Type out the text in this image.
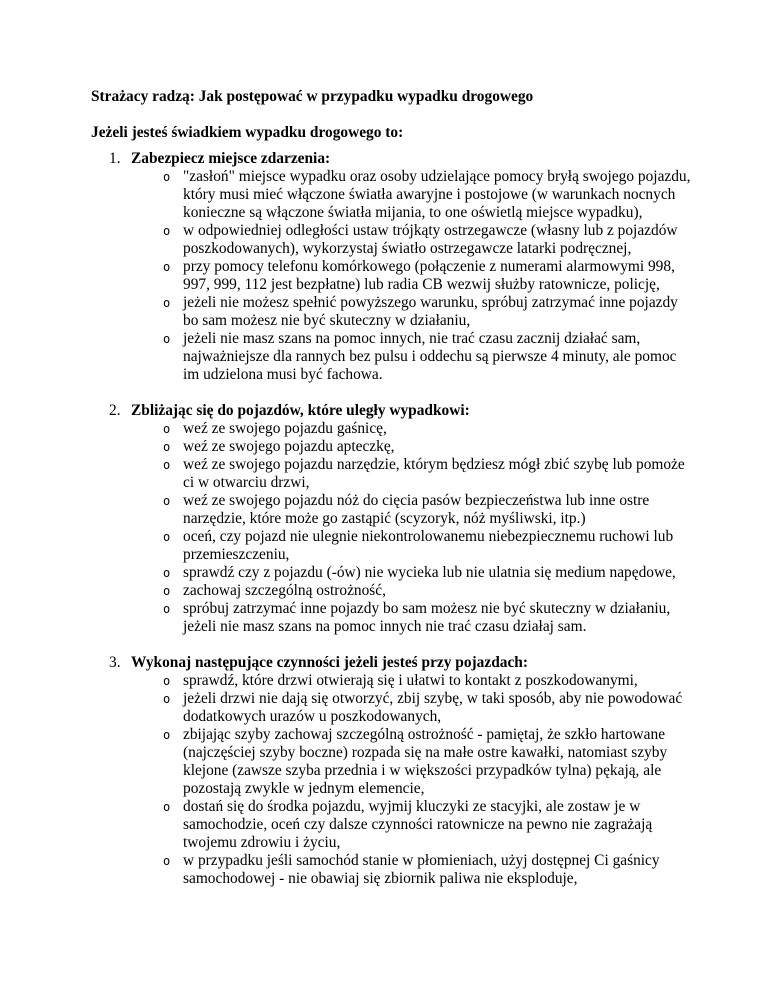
Strażacy radzą: Jak postępować w przypadku wypadku drogowego
Jeżeli jesteś świadkiem wypadku drogowego to:
1. Zabezpiecz miejsce zdarzenia:
o "zasłoń" miejsce wypadku oraz osoby udzielające pomocy bryłą swojego pojazdu, który musi mieć włączone światła awaryjne i postojowe (w warunkach nocnych konieczne są włączone światła mijania, to one oświetlą miejsce wypadku),
o w odpowiedniej odległości ustaw trójkąty ostrzegawcze (własny lub z pojazdów poszkodowanych), wykorzystaj światło ostrzegawcze latarki podręcznej,
o przy pomocy telefonu komórkowego (połączenie z numerami alarmowymi 998, 997, 999, 112 jest bezpłatne) lub radia CB wezwij służby ratownicze, policję,
o jeżeli nie możesz spełnić powyższego warunku, spróbuj zatrzymać inne pojazdy bo sam możesz nie być skuteczny w działaniu,
o jeżeli nie masz szans na pomoc innych, nie trać czasu zacznij działać sam, najważniejsze dla rannych bez pulsu i oddechu są pierwsze 4 minuty, ale pomoc im udzielona musi być fachowa.
2. Zbliżając się do pojazdów, które uległy wypadkowi:
o weź ze swojego pojazdu gaśnicę,
o weź ze swojego pojazdu apteczkę,
o weź ze swojego pojazdu narzędzie, którym będziesz mógł zbić szybę lub pomoże ci w otwarciu drzwi,
o weź ze swojego pojazdu nóż do cięcia pasów bezpieczeństwa lub inne ostre narzędzie, które może go zastąpić (scyzoryk, nóż myśliwski, itp.)
o oceń, czy pojazd nie ulegnie niekontrolowanemu niebezpiecznemu ruchowi lub przemieszczeniu,
o sprawdź czy z pojazdu (-ów) nie wycieka lub nie ulatnia się medium napędowe,
o zachowaj szczególną ostrożność,
o spróbuj zatrzymać inne pojazdy bo sam możesz nie być skuteczny w działaniu, jeżeli nie masz szans na pomoc innych nie trać czasu działaj sam.
3. Wykonaj następujące czynności jeżeli jesteś przy pojazdach:
o sprawdź, które drzwi otwierają się i ułatwi to kontakt z poszkodowanymi,
o jeżeli drzwi nie dają się otworzyć, zbij szybę, w taki sposób, aby nie powodować dodatkowych urazów u poszkodowanych,
o zbijając szyby zachowaj szczególną ostrożność - pamiętaj, że szkło hartowane (najczęściej szyby boczne) rozpada się na małe ostre kawałki, natomiast szyby klejone (zawsze szyba przednia i w większości przypadków tylna) pękają, ale pozostają zwykle w jednym elemencie,
o dostań się do środka pojazdu, wyjmij kluczyki ze stacyjki, ale zostaw je w samochodzie, oceń czy dalsze czynności ratownicze na pewno nie zagrażają twojemu zdrowiu i życiu,
o w przypadku jeśli samochód stanie w płomieniach, użyj dostępnej Ci gaśnicy samochodowej - nie obawiaj się zbiornik paliwa nie eksploduje,
